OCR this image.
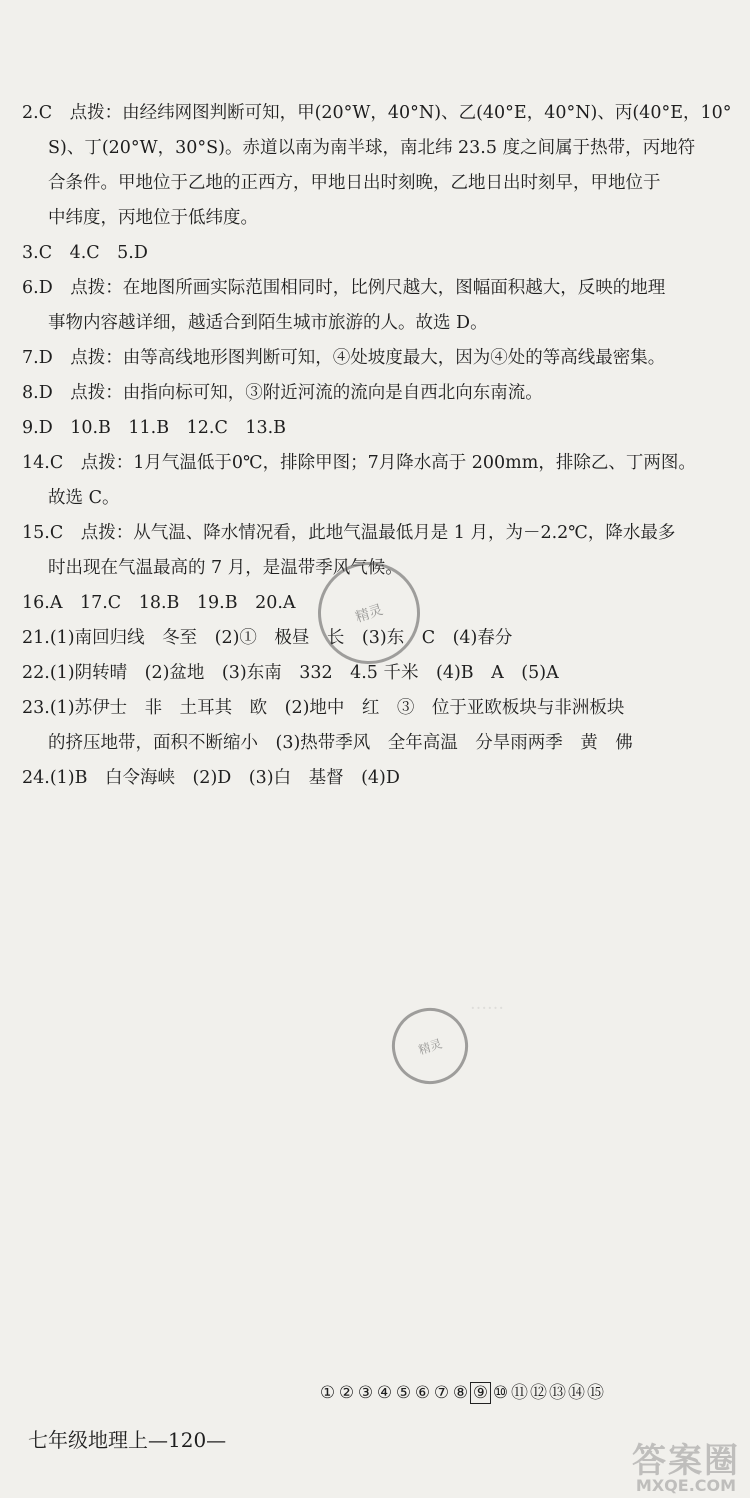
2.C　点拨：由经纬网图判断可知，甲(20°W，40°N)、乙(40°E，40°N)、丙(40°E，10°
S)、丁(20°W，30°S)。赤道以南为南半球，南北纬 23.5 度之间属于热带，丙地符
合条件。甲地位于乙地的正西方，甲地日出时刻晚，乙地日出时刻早，甲地位于
中纬度，丙地位于低纬度。
3.C　4.C　5.D
6.D　点拨：在地图所画实际范围相同时，比例尺越大，图幅面积越大，反映的地理
事物内容越详细，越适合到陌生城市旅游的人。故选 D。
7.D　点拨：由等高线地形图判断可知，④处坡度最大，因为④处的等高线最密集。
8.D　点拨：由指向标可知，③附近河流的流向是自西北向东南流。
9.D　10.B　11.B　12.C　13.B
14.C　点拨：1月气温低于0℃，排除甲图；7月降水高于 200mm，排除乙、丁两图。
故选 C。
15.C　点拨：从气温、降水情况看，此地气温最低月是 1 月，为－2.2℃，降水最多
时出现在气温最高的 7 月，是温带季风气候。
16.A　17.C　18.B　19.B　20.A
21.(1)南回归线　冬至　(2)①　极昼　长　(3)东　C　(4)春分
22.(1)阴转晴　(2)盆地　(3)东南　332　4.5 千米　(4)B　A　(5)A
23.(1)苏伊士　非　土耳其　欧　(2)地中　红　③　位于亚欧板块与非洲板块
的挤压地带，面积不断缩小　(3)热带季风　全年高温　分旱雨两季　黄　佛
24.(1)B　白令海峡　(2)D　(3)白　基督　(4)D
……
精灵
精灵
① ② ③ ④ ⑤ ⑥ ⑦ ⑧ ⑨ ⑩ ⑪ ⑫ ⑬ ⑭ ⑮
七年级地理上—120—
答案圈
MXQE.COM
